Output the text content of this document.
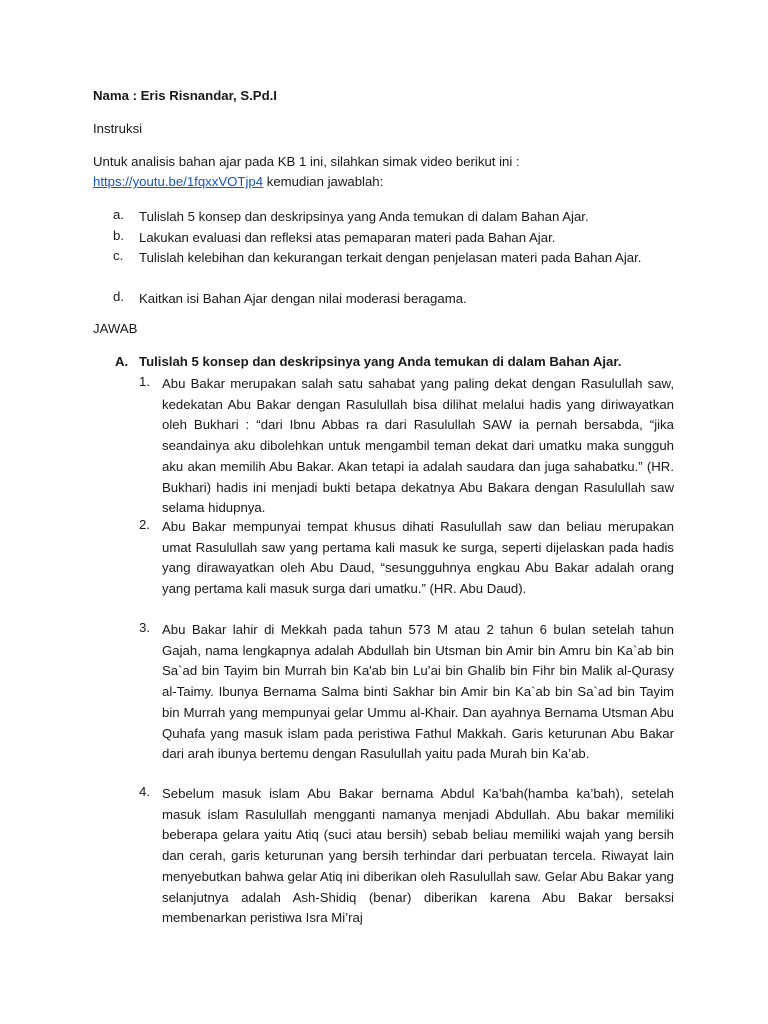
Nama : Eris Risnandar, S.Pd.I
Instruksi
Untuk analisis bahan ajar pada KB 1 ini, silahkan simak video berikut ini :
https://youtu.be/1fqxxVOTjp4 kemudian jawablah:
a.	Tulislah 5 konsep dan deskripsinya yang Anda temukan di dalam Bahan Ajar.
b.	Lakukan evaluasi dan refleksi atas pemaparan materi pada Bahan Ajar.
c.	Tulislah kelebihan dan kekurangan terkait dengan penjelasan materi pada Bahan Ajar.
d.	Kaitkan isi Bahan Ajar dengan nilai moderasi beragama.
JAWAB
A. Tulislah 5 konsep dan deskripsinya yang Anda temukan di dalam Bahan Ajar.
1. Abu Bakar merupakan salah satu sahabat yang paling dekat dengan Rasulullah saw, kedekatan Abu Bakar dengan Rasulullah bisa dilihat melalui hadis yang diriwayatkan oleh Bukhari : “dari Ibnu Abbas ra dari Rasulullah SAW ia pernah bersabda, “jika seandainya aku dibolehkan untuk mengambil teman dekat dari umatku maka sungguh aku akan memilih Abu Bakar. Akan tetapi ia adalah saudara dan juga sahabatku.” (HR. Bukhari) hadis ini menjadi bukti betapa dekatnya Abu Bakara dengan Rasulullah saw selama hidupnya.
2. Abu Bakar mempunyai tempat khusus dihati Rasulullah saw dan beliau merupakan umat Rasulullah saw yang pertama kali masuk ke surga, seperti dijelaskan pada hadis yang dirawayatkan oleh Abu Daud, “sesungguhnya engkau Abu Bakar adalah orang yang pertama kali masuk surga dari umatku.” (HR. Abu Daud).
3. Abu Bakar lahir di Mekkah pada tahun 573 M atau 2 tahun 6 bulan setelah tahun Gajah, nama lengkapnya adalah Abdullah bin Utsman bin Amir bin Amru bin Ka`ab bin Sa`ad bin Tayim bin Murrah bin Ka'ab bin Lu’ai bin Ghalib bin Fihr bin Malik al-Qurasy al-Taimy. Ibunya Bernama Salma binti Sakhar bin Amir bin Ka`ab bin Sa`ad bin Tayim bin Murrah yang mempunyai gelar Ummu al-Khair. Dan ayahnya Bernama Utsman Abu Quhafa yang masuk islam pada peristiwa Fathul Makkah. Garis keturunan Abu Bakar dari arah ibunya bertemu dengan Rasulullah yaitu pada Murah bin Ka’ab.
4. Sebelum masuk islam Abu Bakar bernama Abdul Ka’bah(hamba ka’bah), setelah masuk islam Rasulullah mengganti namanya menjadi Abdullah. Abu bakar memiliki beberapa gelara yaitu Atiq (suci atau bersih) sebab beliau memiliki wajah yang bersih dan cerah, garis keturunan yang bersih terhindar dari perbuatan tercela. Riwayat lain menyebutkan bahwa gelar Atiq ini diberikan oleh Rasulullah saw. Gelar Abu Bakar yang selanjutnya adalah Ash-Shidiq (benar) diberikan karena Abu Bakar bersaksi membenarkan peristiwa Isra Mi’raj
